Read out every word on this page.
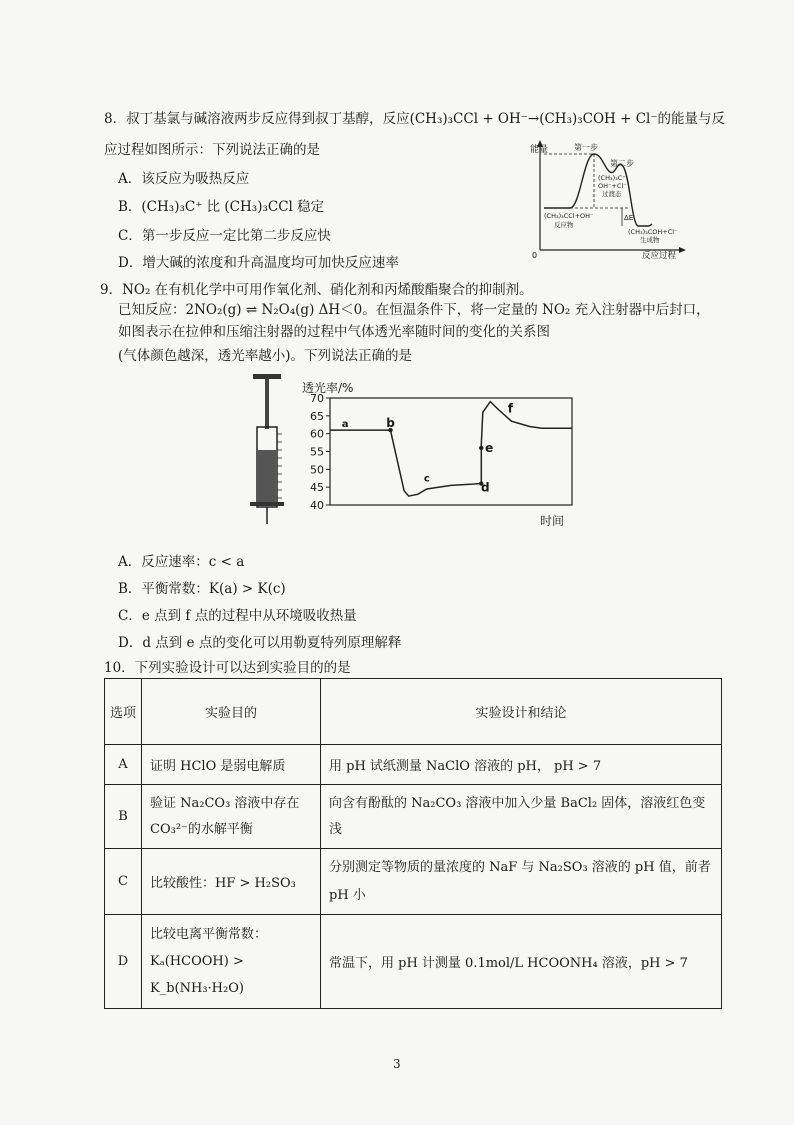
8．叔丁基氯与碱溶液两步反应得到叔丁基醇，反应(CH₃)₃CCl + OH⁻→(CH₃)₃COH + Cl⁻的能量与反
应过程如图所示：下列说法正确的是
A．该反应为吸热反应
B．(CH₃)₃C⁺ 比 (CH₃)₃CCl 稳定
C．第一步反应一定比第二步反应快
D．增大碱的浓度和升高温度均可加快反应速率
能量
0	反应过程
第一步
第二步
(CH₃)₃C⁺
OH⁻+Cl⁻
过渡态
(CH₃)₃CCl+OH⁻
反应物
ΔE
(CH₃)₃COH+Cl⁻
生成物
9．NO₂ 在有机化学中可用作氧化剂、硝化剂和丙烯酸酯聚合的抑制剂。
已知反应：2NO₂(g) ⇌ N₂O₄(g) ΔH＜0。在恒温条件下，将一定量的 NO₂ 充入注射器中后封口，
如图表示在拉伸和压缩注射器的过程中气体透光率随时间的变化的关系图
(气体颜色越深，透光率越小)。下列说法正确的是
70
65
60
55
50
45
40
a	b
c
d
e
f
透光率/%
时间
A．反应速率：c < a
B．平衡常数：K(a) > K(c)
C．e 点到 f 点的过程中从环境吸收热量
D．d 点到 e 点的变化可以用勒夏特列原理解释
10．下列实验设计可以达到实验目的的是
选项	实验目的	实验设计和结论
A	证明 HClO 是弱电解质	用 pH 试纸测量 NaClO 溶液的 pH， pH > 7
B	验证 Na₂CO₃ 溶液中存在 CO₃²⁻的水解平衡	向含有酚酞的 Na₂CO₃ 溶液中加入少量 BaCl₂ 固体，溶液红色变浅
C	比较酸性：HF > H₂SO₃	分别测定等物质的量浓度的 NaF 与 Na₂SO₃ 溶液的 pH 值，前者 pH 小
D	比较电离平衡常数：Kₐ(HCOOH) > K_b(NH₃·H₂O)	常温下，用 pH 计测量 0.1mol/L HCOONH₄ 溶液，pH > 7
3
